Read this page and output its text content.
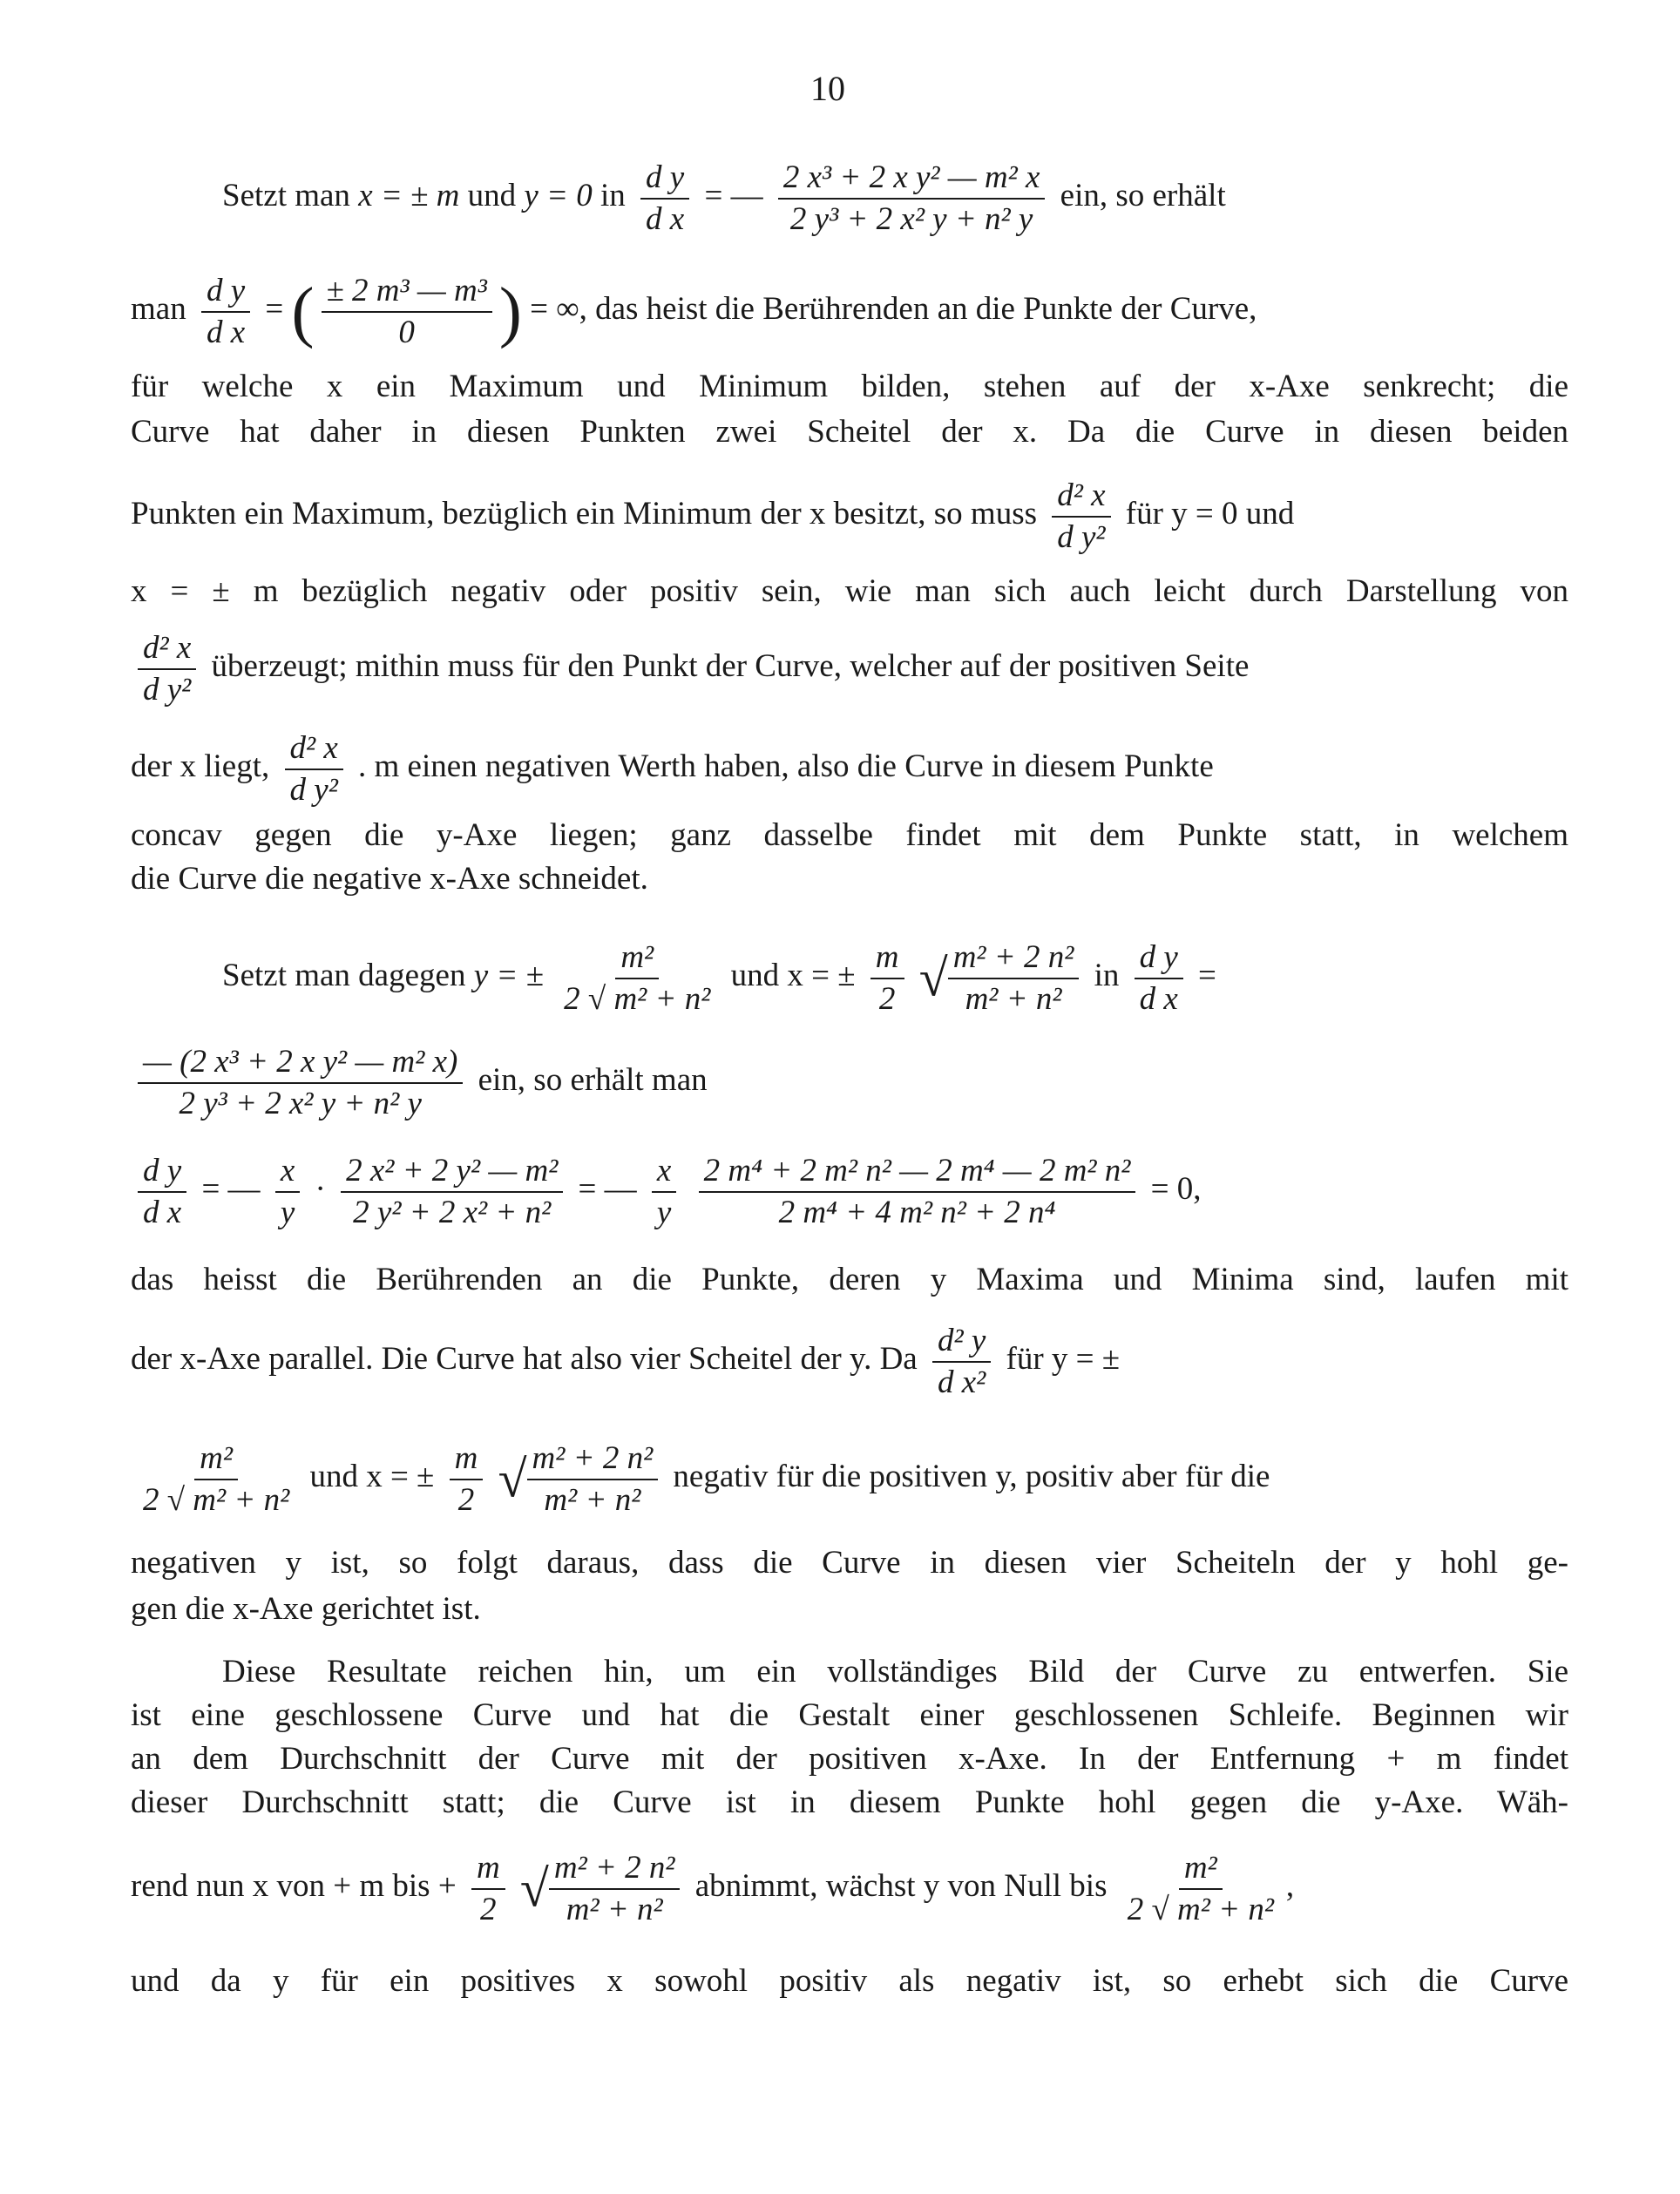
10
Setzt man x = ± m und y = 0 in $\frac{\text{d y}}{\text{d x}}$ = — $\frac{\text{2 x³ + 2 x y² — m² x}}{\text{2 y³ + 2 x² y + n² y}}$ ein, so erhält
man $\frac{\text{d y}}{\text{d x}}$ = ( $\frac{\text{± 2 m³ — m³}}{0}$ ) = ∞, das heist die Berührenden an die Punkte der Curve,
für welche x ein Maximum und Minimum bilden, stehen auf der x-Axe senkrecht; die
Curve hat daher in diesen Punkten zwei Scheitel der x. Da die Curve in diesen beiden
Punkten ein Maximum, bezüglich ein Minimum der x besitzt, so muss $\frac{\text{d² x}}{\text{d y²}}$ für y = 0 und
x = ± m bezüglich negativ oder positiv sein, wie man sich auch leicht durch Darstellung von
$\frac{\text{d² x}}{\text{d y²}}$ überzeugt; mithin muss für den Punkt der Curve, welcher auf der positiven Seite
der x liegt, $\frac{\text{d² x}}{\text{d y²}}$ . m einen negativen Werth haben, also die Curve in diesem Punkte
concav gegen die y-Axe liegen; ganz dasselbe findet mit dem Punkte statt, in welchem
die Curve die negative x-Axe schneidet.
Setzt man dagegen y = ± $\frac{\text{m²}}{\text{2 √ m² + n²}}$ und x = ± $\frac{m}{2}$ √ $\frac{\text{m² + 2 n²}}{\text{m² + n²}}$ in $\frac{\text{d y}}{\text{d x}}$ =
$\frac{\text{— (2 x³ + 2 x y² — m² x)}}{\text{2 y³ + 2 x² y + n² y}}$ ein, so erhält man
$\frac{\text{d y}}{\text{d x}}$ = — $\frac{x}{y} \cdot \frac{\text{2 x² + 2 y² — m²}}{\text{2 y² + 2 x² + n²}}$ = — $\frac{x}{y}$
$\frac{\text{2 m⁴ + 2 m² n² — 2 m⁴ — 2 m² n²}}{\text{2 m⁴ + 4 m² n² + 2 n⁴}} = 0$,
das heisst die Berührenden an die Punkte, deren y Maxima und Minima sind, laufen mit
der x-Axe parallel. Die Curve hat also vier Scheitel der y. Da $\frac{\text{d² y}}{\text{d x²}}$ für y = ±
$\frac{\text{m²}}{\text{2 √ m² + n²}}$ und x = ± $\frac{m}{2}$ √ $\frac{\text{m² + 2 n²}}{\text{m² + n²}}$ negativ für die positiven y, positiv aber für die
negativen y ist, so folgt daraus, dass die Curve in diesen vier Scheiteln der y hohl ge-
gen die x-Axe gerichtet ist.
Diese Resultate reichen hin, um ein vollständiges Bild der Curve zu entwerfen. Sie
ist eine geschlossene Curve und hat die Gestalt einer geschlossenen Schleife. Beginnen wir
an dem Durchschnitt der Curve mit der positiven x-Axe. In der Entfernung + m findet
dieser Durchschnitt statt; die Curve ist in diesem Punkte hohl gegen die y-Axe. Wäh-
rend nun x von + m bis + $\frac{m}{2}$ √ $\frac{\text{m² + 2 n²}}{\text{m² + n²}}$ abnimmt, wächst y von Null bis $\frac{\text{m²}}{\text{2 √ m² + n²}}$ ,
und da y für ein positives x sowohl positiv als negativ ist, so erhebt sich die Curve
